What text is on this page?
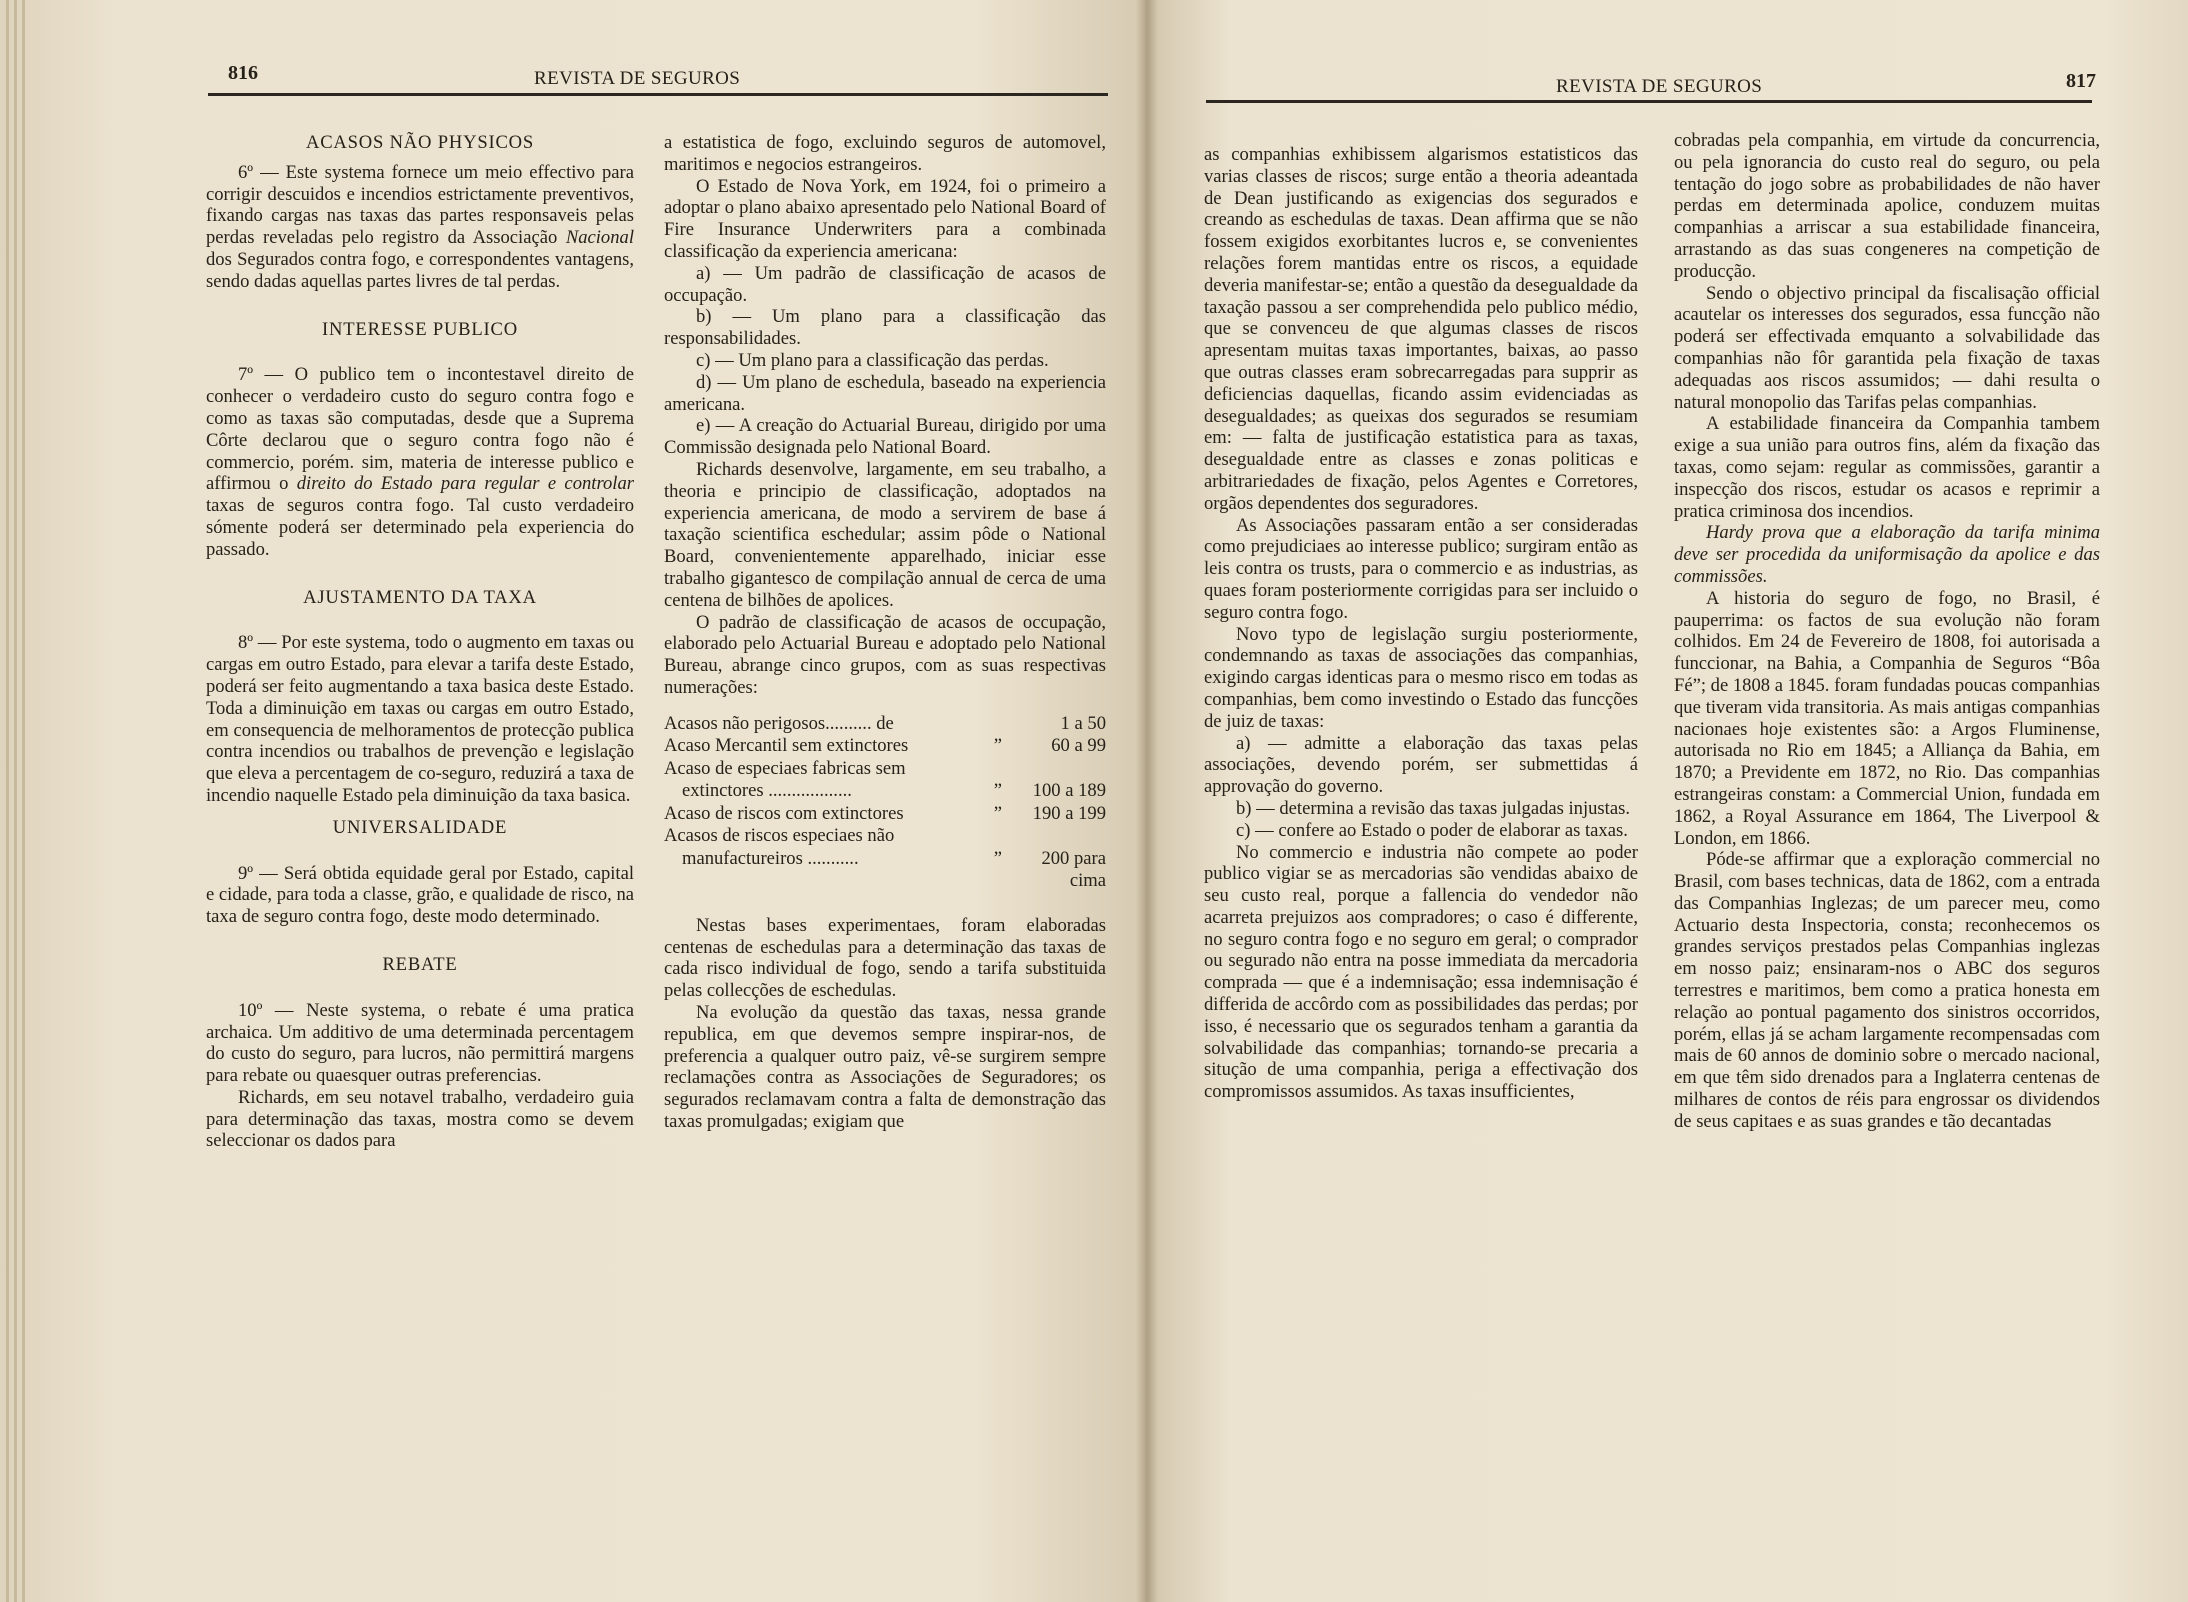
816	REVISTA DE SEGUROS
ACASOS NÃO PHYSICOS

6º — Este systema fornece um meio effectivo para corrigir descuidos e incendios estrictamente preventivos, fixando cargas nas taxas das partes responsaveis pelas perdas reveladas pelo registro da Associação Nacional dos Segurados contra fogo, e correspondentes vantagens, sendo dadas aquellas partes livres de tal perdas.

INTERESSE PUBLICO

7º — O publico tem o incontestavel direito de conhecer o verdadeiro custo do seguro contra fogo e como as taxas são computadas, desde que a Suprema Côrte declarou que o seguro contra fogo não é commercio, porém. sim, materia de interesse publico e affirmou o direito do Estado para regular e controlar taxas de seguros contra fogo. Tal custo verdadeiro sómente poderá ser determinado pela experiencia do passado.

AJUSTAMENTO DA TAXA

8º — Por este systema, todo o augmento em taxas ou cargas em outro Estado, para elevar a tarifa deste Estado, poderá ser feito augmentando a taxa basica deste Estado. Toda a diminuição em taxas ou cargas em outro Estado, em consequencia de melhoramentos de protecção publica contra incendios ou trabalhos de prevenção e legislação que eleva a percentagem de co-seguro, reduzirá a taxa de incendio naquelle Estado pela diminuição da taxa basica.

UNIVERSALIDADE

9º — Será obtida equidade geral por Estado, capital e cidade, para toda a classe, grão, e qualidade de risco, na taxa de seguro contra fogo, deste modo determinado.

REBATE

10º — Neste systema, o rebate é uma pratica archaica. Um additivo de uma determinada percentagem do custo do seguro, para lucros, não permittirá margens para rebate ou quaesquer outras preferencias.

Richards, em seu notavel trabalho, verdadeiro guia para determinação das taxas, mostra como se devem seleccionar os dados para

a estatistica de fogo, excluindo seguros de automovel, maritimos e negocios estrangeiros.

O Estado de Nova York, em 1924, foi o primeiro a adoptar o plano abaixo apresentado pelo National Board of Fire Insurance Underwriters para a combinada classificação da experiencia americana:

a) — Um padrão de classificação de acasos de occupação.

b) — Um plano para a classificação das responsabilidades.

c) — Um plano para a classificação das perdas.

d) — Um plano de eschedula, baseado na experiencia americana.

e) — A creação do Actuarial Bureau, dirigido por uma Commissão designada pelo National Board.

Richards desenvolve, largamente, em seu trabalho, a theoria e principio de classificação, adoptados na experiencia americana, de modo a servirem de base á taxação scientifica eschedular; assim pôde o National Board, convenientemente apparelhado, iniciar esse trabalho gigantesco de compilação annual de cerca de uma centena de bilhões de apolices.

O padrão de classificação de acasos de occupação, elaborado pelo Actuarial Bureau e adoptado pelo National Bureau, abrange cinco grupos, com as suas respectivas numerações:

Acasos não perigosos.......... de	1 a 50
Acaso Mercantil sem extinctores	”	60 a 99
Acaso de especiaes fabricas sem
extinctores ..................	”	100 a 189
Acaso de riscos com extinctores	”	190 a 199
Acasos de riscos especiaes não
manufactureiros ...........	”	200 para
cima

Nestas bases experimentaes, foram elaboradas centenas de eschedulas para a determinação das taxas de cada risco individual de fogo, sendo a tarifa substituida pelas collecções de eschedulas.

Na evolução da questão das taxas, nessa grande republica, em que devemos sempre inspirar-nos, de preferencia a qualquer outro paiz, vê-se surgirem sempre reclamações contra as Associações de Seguradores; os segurados reclamavam contra a falta de demonstração das taxas promulgadas; exigiam que

REVISTA DE SEGUROS	817

as companhias exhibissem algarismos estatisticos das varias classes de riscos; surge então a theoria adeantada de Dean justificando as exigencias dos segurados e creando as eschedulas de taxas. Dean affirma que se não fossem exigidos exorbitantes lucros e, se convenientes relações forem mantidas entre os riscos, a equidade deveria manifestar-se; então a questão da desegualdade da taxação passou a ser comprehendida pelo publico médio, que se convenceu de que algumas classes de riscos apresentam muitas taxas importantes, baixas, ao passo que outras classes eram sobrecarregadas para supprir as deficiencias daquellas, ficando assim evidenciadas as desegualdades; as queixas dos segurados se resumiam em: — falta de justificação estatistica para as taxas, desegualdade entre as classes e zonas politicas e arbitrariedades de fixação, pelos Agentes e Corretores, orgãos dependentes dos seguradores.

As Associações passaram então a ser consideradas como prejudiciaes ao interesse publico; surgiram então as leis contra os trusts, para o commercio e as industrias, as quaes foram posteriormente corrigidas para ser incluido o seguro contra fogo.

Novo typo de legislação surgiu posteriormente, condemnando as taxas de associações das companhias, exigindo cargas identicas para o mesmo risco em todas as companhias, bem como investindo o Estado das funcções de juiz de taxas:

a) — admitte a elaboração das taxas pelas associações, devendo porém, ser submettidas á approvação do governo.

b) — determina a revisão das taxas julgadas injustas.

c) — confere ao Estado o poder de elaborar as taxas.

No commercio e industria não compete ao poder publico vigiar se as mercadorias são vendidas abaixo de seu custo real, porque a fallencia do vendedor não acarreta prejuizos aos compradores; o caso é differente, no seguro contra fogo e no seguro em geral; o comprador ou segurado não entra na posse immediata da mercadoria comprada — que é a indemnisação; essa indemnisação é differida de accôrdo com as possibilidades das perdas; por isso, é necessario que os segurados tenham a garantia da solvabilidade das companhias; tornando-se precaria a situção de uma companhia, periga a effectivação dos compromissos assumidos. As taxas insufficientes,

cobradas pela companhia, em virtude da concurrencia, ou pela ignorancia do custo real do seguro, ou pela tentação do jogo sobre as probabilidades de não haver perdas em determinada apolice, conduzem muitas companhias a arriscar a sua estabilidade financeira, arrastando as das suas congeneres na competição de producção.

Sendo o objectivo principal da fiscalisação official acautelar os interesses dos segurados, essa funcção não poderá ser effectivada emquanto a solvabilidade das companhias não fôr garantida pela fixação de taxas adequadas aos riscos assumidos; — dahi resulta o natural monopolio das Tarifas pelas companhias.

A estabilidade financeira da Companhia tambem exige a sua união para outros fins, além da fixação das taxas, como sejam: regular as commissões, garantir a inspecção dos riscos, estudar os acasos e reprimir a pratica criminosa dos incendios.

Hardy prova que a elaboração da tarifa minima deve ser procedida da uniformisação da apolice e das commissões.

A historia do seguro de fogo, no Brasil, é pauperrima: os factos de sua evolução não foram colhidos. Em 24 de Fevereiro de 1808, foi autorisada a funccionar, na Bahia, a Companhia de Seguros “Bôa Fé”; de 1808 a 1845. foram fundadas poucas companhias que tiveram vida transitoria. As mais antigas companhias nacionaes hoje existentes são: a Argos Fluminense, autorisada no Rio em 1845; a Alliança da Bahia, em 1870; a Previdente em 1872, no Rio. Das companhias estrangeiras constam: a Commercial Union, fundada em 1862, a Royal Assurance em 1864, The Liverpool & London, em 1866.

Póde-se affirmar que a exploração commercial no Brasil, com bases technicas, data de 1862, com a entrada das Companhias Inglezas; de um parecer meu, como Actuario desta Inspectoria, consta; reconhecemos os grandes serviços prestados pelas Companhias inglezas em nosso paiz; ensinaram-nos o ABC dos seguros terrestres e maritimos, bem como a pratica honesta em relação ao pontual pagamento dos sinistros occorridos, porém, ellas já se acham largamente recompensadas com mais de 60 annos de dominio sobre o mercado nacional, em que têm sido drenados para a Inglaterra centenas de milhares de contos de réis para engrossar os dividendos de seus capitaes e as suas grandes e tão decantadas
